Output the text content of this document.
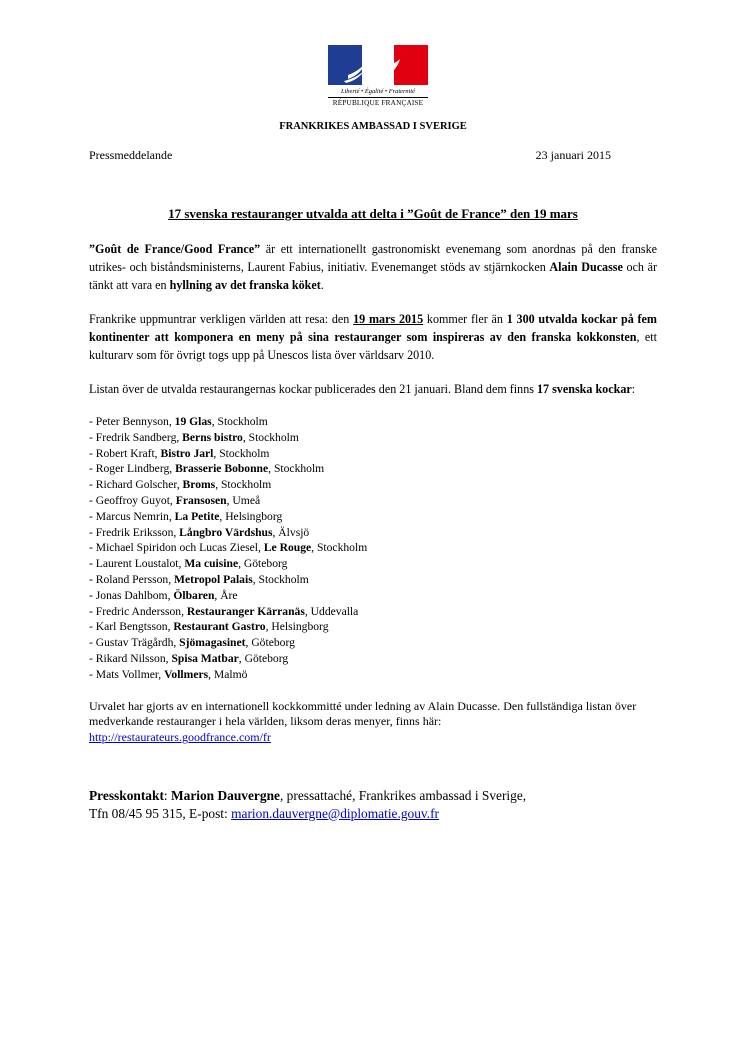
Liberté • Égalité • Fraternité
RÉPUBLIQUE FRANÇAISE
FRANKRIKES AMBASSAD I SVERIGE
Pressmeddelande	23 januari 2015
17 svenska restauranger utvalda att delta i ”Goût de France” den 19 mars

”Goût de France/Good France” är ett internationellt gastronomiskt evenemang som anordnas på den franske utrikes- och biståndsministerns, Laurent Fabius, initiativ. Evenemanget stöds av stjärnkocken Alain Ducasse och är tänkt att vara en hyllning av det franska köket.

Frankrike uppmuntrar verkligen världen att resa: den 19 mars 2015 kommer fler än 1 300 utvalda kockar på fem kontinenter att komponera en meny på sina restauranger som inspireras av den franska kokkonsten, ett kulturarv som för övrigt togs upp på Unescos lista över världsarv 2010.

Listan över de utvalda restaurangernas kockar publicerades den 21 januari. Bland dem finns 17 svenska kockar:

- Peter Bennyson, 19 Glas, Stockholm
- Fredrik Sandberg, Berns bistro, Stockholm
- Robert Kraft, Bistro Jarl, Stockholm
- Roger Lindberg, Brasserie Bobonne, Stockholm
- Richard Golscher, Broms, Stockholm
- Geoffroy Guyot, Fransosen, Umeå
- Marcus Nemrin, La Petite, Helsingborg
- Fredrik Eriksson, Långbro Värdshus, Älvsjö
- Michael Spiridon och Lucas Ziesel, Le Rouge, Stockholm
- Laurent Loustalot, Ma cuisine, Göteborg
- Roland Persson, Metropol Palais, Stockholm
- Jonas Dahlbom, Ölbaren, Åre
- Fredric Andersson, Restauranger Kärranäs, Uddevalla
- Karl Bengtsson, Restaurant Gastro, Helsingborg
- Gustav Trägårdh, Sjömagasinet, Göteborg
- Rikard Nilsson, Spisa Matbar, Göteborg
- Mats Vollmer, Vollmers, Malmö

Urvalet har gjorts av en internationell kockkommitté under ledning av Alain Ducasse. Den fullständiga listan över medverkande restauranger i hela världen, liksom deras menyer, finns här:
http://restaurateurs.goodfrance.com/fr

Presskontakt: Marion Dauvergne, pressattaché, Frankrikes ambassad i Sverige,
Tfn 08/45 95 315, E-post: marion.dauvergne@diplomatie.gouv.fr
